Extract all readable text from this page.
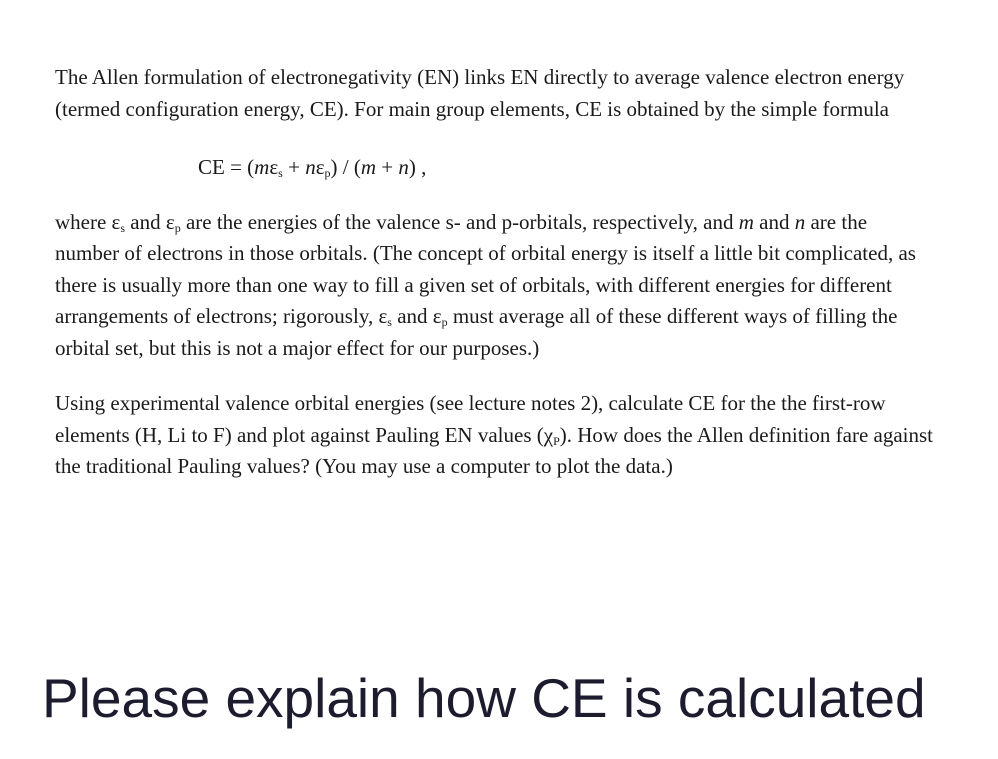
The Allen formulation of electronegativity (EN) links EN directly to average valence electron energy (termed configuration energy, CE). For main group elements, CE is obtained by the simple formula

CE = $(m\varepsilon_s + n\varepsilon_p) / (m + n)$ ,

where $\varepsilon_s$ and $\varepsilon_p$ are the energies of the valence s- and p-orbitals, respectively, and m and n are the number of electrons in those orbitals. (The concept of orbital energy is itself a little bit complicated, as there is usually more than one way to fill a given set of orbitals, with different energies for different arrangements of electrons; rigorously, $\varepsilon_s$ and $\varepsilon_p$ must average all of these different ways of filling the orbital set, but this is not a major effect for our purposes.)

Using experimental valence orbital energies (see lecture notes 2), calculate CE for the the first-row elements (H, Li to F) and plot against Pauling EN values $(\chi_P)$. How does the Allen definition fare against the traditional Pauling values? (You may use a computer to plot the data.)

Please explain how CE is calculated
